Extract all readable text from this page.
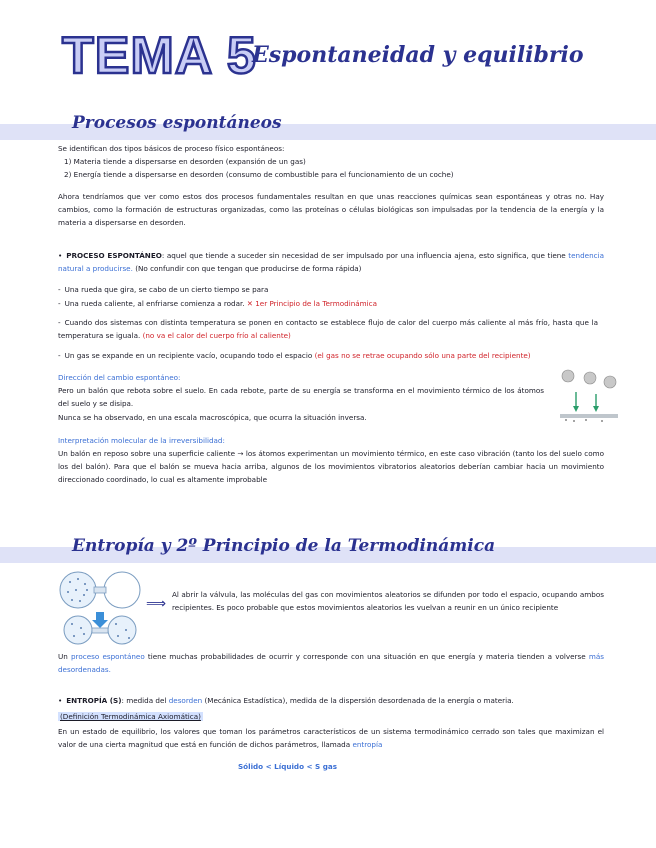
TEMA 5
Espontaneidad y equilibrio
Procesos espontáneos
Se identifican dos tipos básicos de proceso físico espontáneos:
1) Materia tiende a dispersarse en desorden (expansión de un gas)
2) Energía tiende a dispersarse en desorden (consumo de combustible para el funcionamiento de un coche)
Ahora tendríamos que ver como estos dos procesos fundamentales resultan en que unas reacciones químicas sean espontáneas y otras no. Hay cambios, como la formación de estructuras organizadas, como las proteínas o células biológicas son impulsadas por la tendencia de la energía y la materia a dispersarse en desorden.
• PROCESO ESPONTÁNEO: aquel que tiende a suceder sin necesidad de ser impulsado por una influencia ajena, esto significa, que tiene tendencia natural a producirse. (No confundir con que tengan que producirse de forma rápida)
- Una rueda que gira, se cabo de un cierto tiempo se para
- Una rueda caliente, al enfriarse comienza a rodar. ✕ 1er Principio de la Termodinámica
- Cuando dos sistemas con distinta temperatura se ponen en contacto se establece flujo de calor del cuerpo más caliente al más frío, hasta que la temperatura se iguala. (no va el calor del cuerpo frío al caliente)
- Un gas se expande en un recipiente vacío, ocupando todo el espacio (el gas no se retrae ocupando sólo una parte del recipiente)
Dirección del cambio espontáneo:
Pero un balón que rebota sobre el suelo. En cada rebote, parte de su energía se transforma en el movimiento térmico de los átomos del suelo y se disipa.
Nunca se ha observado, en una escala macroscópica, que ocurra la situación inversa.
Interpretación molecular de la irreversibilidad:
Un balón en reposo sobre una superficie caliente → los átomos experimentan un movimiento térmico, en este caso vibración (tanto los del suelo como los del balón). Para que el balón se mueva hacia arriba, algunos de los movimientos vibratorios aleatorios deberían cambiar hacia un movimiento direccionado coordinado, lo cual es altamente improbable
Entropía y 2º Principio de la Termodinámica
⟹
Al abrir la válvula, las moléculas del gas con movimientos aleatorios se difunden por todo el espacio, ocupando ambos recipientes. Es poco probable que estos movimientos aleatorios les vuelvan a reunir en un único recipiente
Un proceso espontáneo tiene muchas probabilidades de ocurrir y corresponde con una situación en que energía y materia tienden a volverse más desordenadas.
• ENTROPÍA (S): medida del desorden (Mecánica Estadística), medida de la dispersión desordenada de la energía o materia.
(Definición Termodinámica Axiomática)
En un estado de equilibrio, los valores que toman los parámetros característicos de un sistema termodinámico cerrado son tales que maximizan el valor de una cierta magnitud que está en función de dichos parámetros, llamada entropía
Sólido < Líquido < S gas
